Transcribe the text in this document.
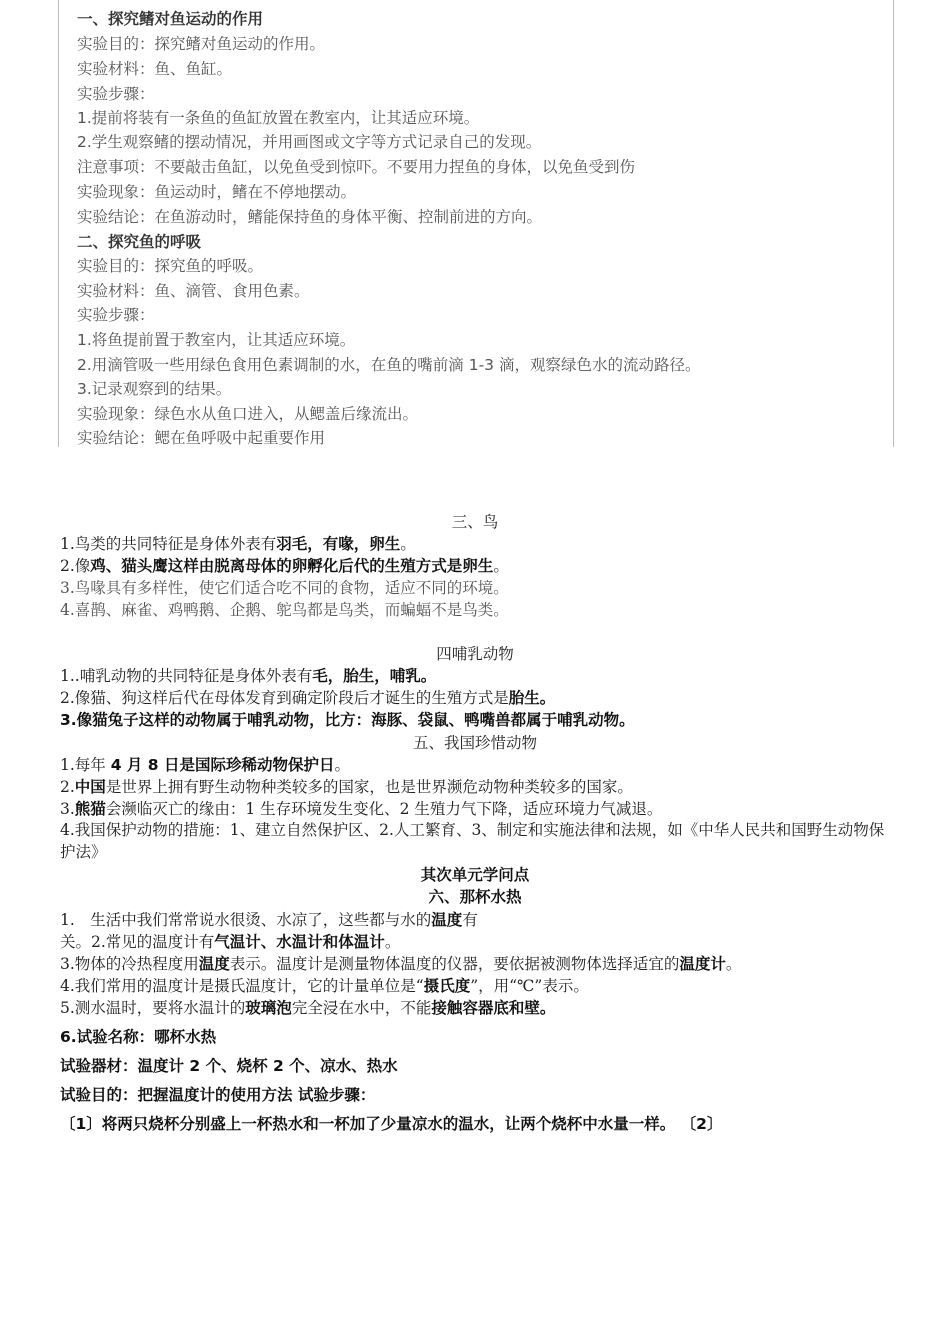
一、探究鳍对鱼运动的作用
实验目的：探究鳍对鱼运动的作用。
实验材料：鱼、鱼缸。
实验步骤：
1.提前将装有一条鱼的鱼缸放置在教室内，让其适应环境。
2.学生观察鳍的摆动情况，并用画图或文字等方式记录自己的发现。
注意事项：不要敲击鱼缸，以免鱼受到惊吓。不要用力捏鱼的身体，以免鱼受到伤
实验现象：鱼运动时，鳍在不停地摆动。
实验结论：在鱼游动时，鳍能保持鱼的身体平衡、控制前进的方向。
二、探究鱼的呼吸
实验目的：探究鱼的呼吸。
实验材料：鱼、滴管、食用色素。
实验步骤：
1.将鱼提前置于教室内，让其适应环境。
2.用滴管吸一些用绿色食用色素调制的水，在鱼的嘴前滴 1-3 滴，观察绿色水的流动路径。
3.记录观察到的结果。
实验现象：绿色水从鱼口进入，从鳃盖后缘流出。
实验结论：鳃在鱼呼吸中起重要作用
三、鸟
1.鸟类的共同特征是身体外表有羽毛，有喙，卵生。
2.像鸡、猫头鹰这样由脱离母体的卵孵化后代的生殖方式是卵生。
3.鸟喙具有多样性，使它们适合吃不同的食物，适应不同的环境。
4.喜鹊、麻雀、鸡鸭鹅、企鹅、鸵鸟都是鸟类，而蝙蝠不是鸟类。
四哺乳动物
1..哺乳动物的共同特征是身体外表有毛，胎生，哺乳。
2.像猫、狗这样后代在母体发育到确定阶段后才诞生的生殖方式是胎生。
3.像猫兔子这样的动物属于哺乳动物，比方：海豚、袋鼠、鸭嘴兽都属于哺乳动物。
五、我国珍惜动物
1.每年 4 月 8 日是国际珍稀动物保护日。
2.中国是世界上拥有野生动物种类较多的国家，也是世界濒危动物种类较多的国家。
3.熊猫会濒临灭亡的缘由：1 生存环境发生变化、2 生殖力气下降，适应环境力气减退。
4.我国保护动物的措施：1、建立自然保护区、2.人工繁育、3、制定和实施法律和法规，如《中华人民共和国野生动物保护法》
其次单元学问点
六、那杯水热
1.　生活中我们常常说水很烫、水凉了，这些都与水的温度有
关。2.常见的温度计有气温计、水温计和体温计。
3.物体的冷热程度用温度表示。温度计是测量物体温度的仪器，要依据被测物体选择适宜的温度计。
4.我们常用的温度计是摄氏温度计，它的计量单位是“摄氏度”，用“℃”表示。
5.测水温时，要将水温计的玻璃泡完全浸在水中，不能接触容器底和壁。
6.试验名称：哪杯水热
试验器材：温度计 2 个、烧杯 2 个、凉水、热水
试验目的：把握温度计的使用方法 试验步骤：
〔1〕将两只烧杯分别盛上一杯热水和一杯加了少量凉水的温水，让两个烧杯中水量一样。 〔2〕
